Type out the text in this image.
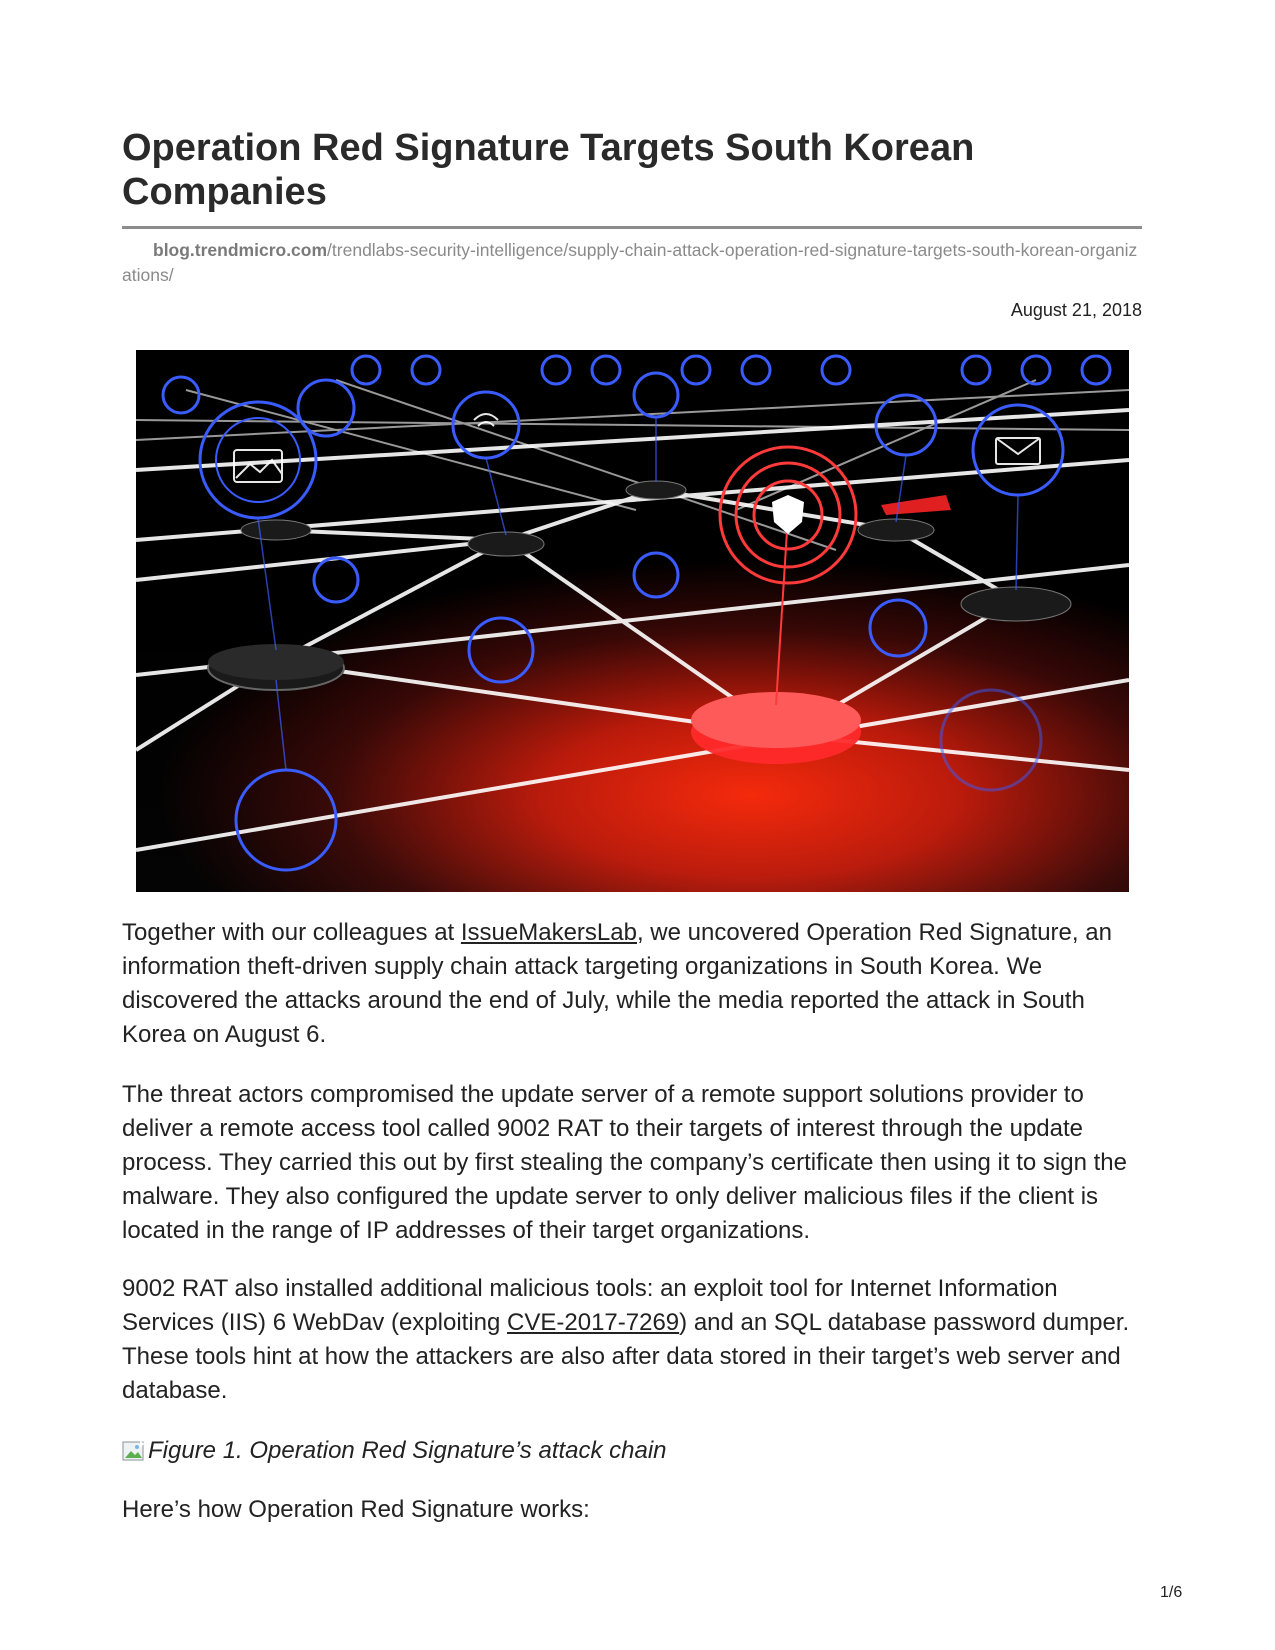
Operation Red Signature Targets South Korean Companies
blog.trendmicro.com/trendlabs-security-intelligence/supply-chain-attack-operation-red-signature-targets-south-korean-organizations/
August 21, 2018

Together with our colleagues at IssueMakersLab, we uncovered Operation Red Signature, an information theft-driven supply chain attack targeting organizations in South Korea. We discovered the attacks around the end of July, while the media reported the attack in South Korea on August 6.

The threat actors compromised the update server of a remote support solutions provider to deliver a remote access tool called 9002 RAT to their targets of interest through the update process. They carried this out by first stealing the company’s certificate then using it to sign the malware. They also configured the update server to only deliver malicious files if the client is located in the range of IP addresses of their target organizations.

9002 RAT also installed additional malicious tools: an exploit tool for Internet Information Services (IIS) 6 WebDav (exploiting CVE-2017-7269) and an SQL database password dumper. These tools hint at how the attackers are also after data stored in their target’s web server and database.

Figure 1. Operation Red Signature’s attack chain

Here’s how Operation Red Signature works:

1/6
